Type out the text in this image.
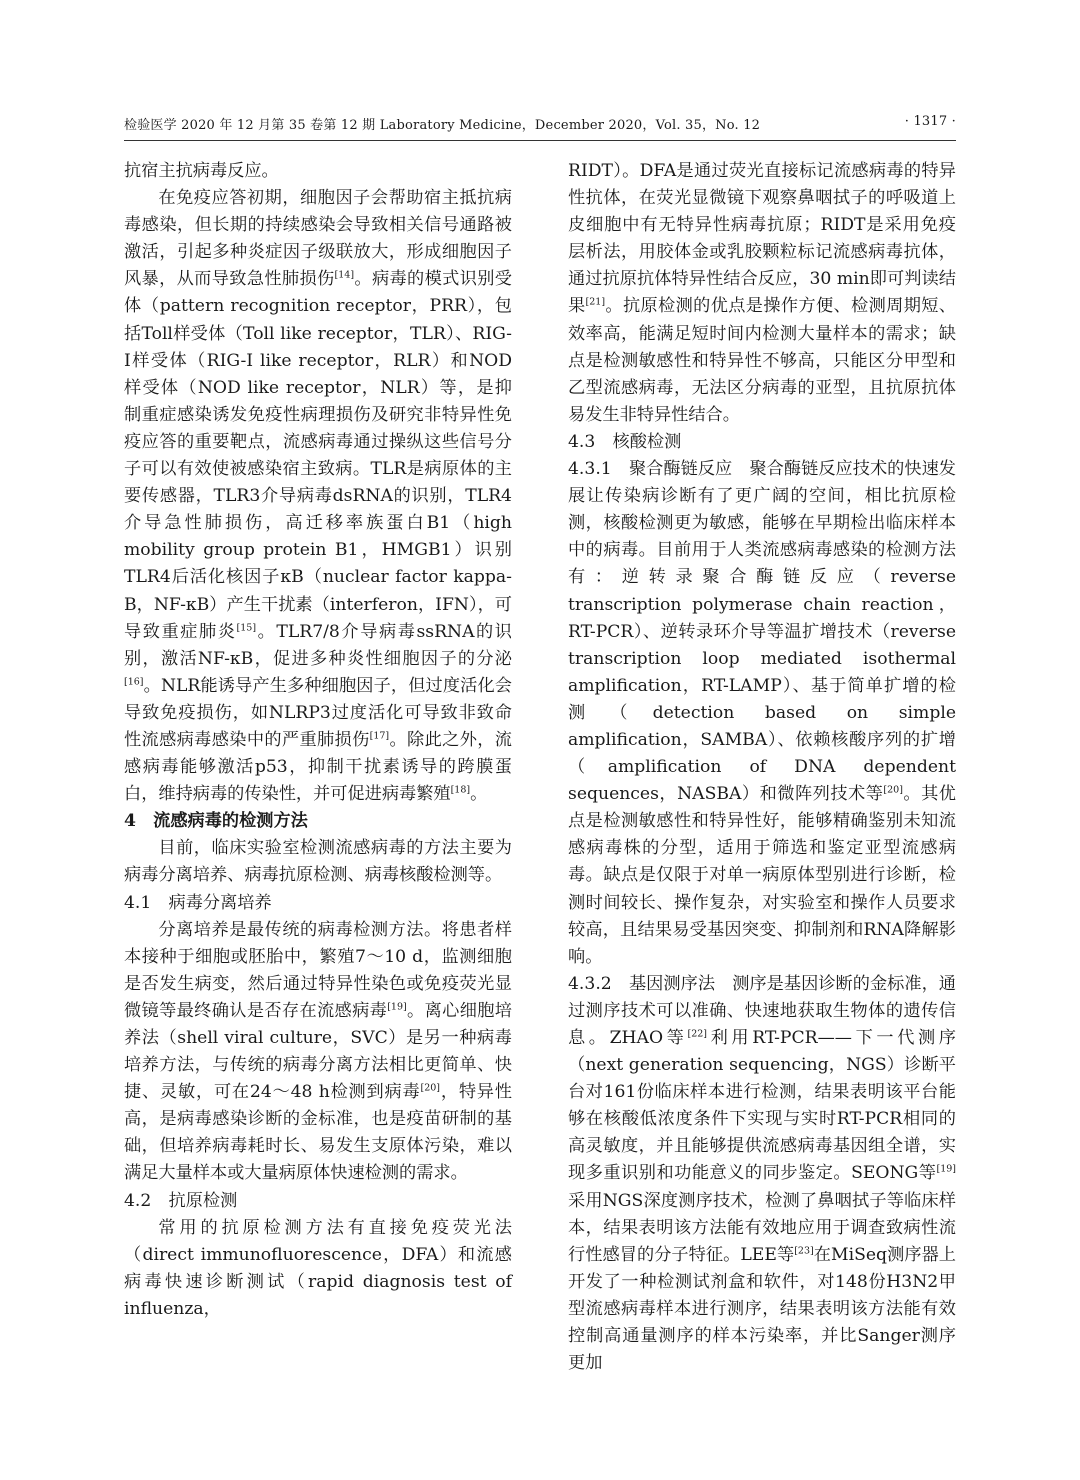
检验医学 2020 年 12 月第 35 卷第 12 期 Laboratory Medicine，December 2020，Vol. 35，No. 12	· 1317 ·

抗宿主抗病毒反应。

在免疫应答初期，细胞因子会帮助宿主抵抗病毒感染，但长期的持续感染会导致相关信号通路被激活，引起多种炎症因子级联放大，形成细胞因子风暴，从而导致急性肺损伤[14]。病毒的模式识别受体（pattern recognition receptor，PRR），包括Toll样受体（Toll like receptor，TLR）、RIG-I样受体（RIG-I like receptor，RLR）和NOD样受体（NOD like receptor，NLR）等，是抑制重症感染诱发免疫性病理损伤及研究非特异性免疫应答的重要靶点，流感病毒通过操纵这些信号分子可以有效使被感染宿主致病。TLR是病原体的主要传感器，TLR3介导病毒dsRNA的识别，TLR4介导急性肺损伤，高迁移率族蛋白B1（high mobility group protein B1，HMGB1）识别TLR4后活化核因子κB（nuclear factor kappa-B，NF-κB）产生干扰素（interferon，IFN），可导致重症肺炎[15]。TLR7/8介导病毒ssRNA的识别，激活NF-κB，促进多种炎性细胞因子的分泌[16]。NLR能诱导产生多种细胞因子，但过度活化会导致免疫损伤，如NLRP3过度活化可导致非致命性流感病毒感染中的严重肺损伤[17]。除此之外，流感病毒能够激活p53，抑制干扰素诱导的跨膜蛋白，维持病毒的传染性，并可促进病毒繁殖[18]。

4　流感病毒的检测方法

目前，临床实验室检测流感病毒的方法主要为病毒分离培养、病毒抗原检测、病毒核酸检测等。

4.1　病毒分离培养

分离培养是最传统的病毒检测方法。将患者样本接种于细胞或胚胎中，繁殖7～10 d，监测细胞是否发生病变，然后通过特异性染色或免疫荧光显微镜等最终确认是否存在流感病毒[19]。离心细胞培养法（shell viral culture，SVC）是另一种病毒培养方法，与传统的病毒分离方法相比更简单、快捷、灵敏，可在24～48 h检测到病毒[20]，特异性高，是病毒感染诊断的金标准，也是疫苗研制的基础，但培养病毒耗时长、易发生支原体污染，难以满足大量样本或大量病原体快速检测的需求。

4.2　抗原检测

常用的抗原检测方法有直接免疫荧光法（direct immunofluorescence，DFA）和流感病毒快速诊断测试（rapid diagnosis test of influenza，

RIDT）。DFA是通过荧光直接标记流感病毒的特异性抗体，在荧光显微镜下观察鼻咽拭子的呼吸道上皮细胞中有无特异性病毒抗原；RIDT是采用免疫层析法，用胶体金或乳胶颗粒标记流感病毒抗体，通过抗原抗体特异性结合反应，30 min即可判读结果[21]。抗原检测的优点是操作方便、检测周期短、效率高，能满足短时间内检测大量样本的需求；缺点是检测敏感性和特异性不够高，只能区分甲型和乙型流感病毒，无法区分病毒的亚型，且抗原抗体易发生非特异性结合。

4.3　核酸检测

4.3.1　聚合酶链反应　聚合酶链反应技术的快速发展让传染病诊断有了更广阔的空间，相比抗原检测，核酸检测更为敏感，能够在早期检出临床样本中的病毒。目前用于人类流感病毒感染的检测方法有：逆转录聚合酶链反应（reverse transcription polymerase chain reaction，RT-PCR）、逆转录环介导等温扩增技术（reverse transcription loop mediated isothermal amplification，RT-LAMP）、基于简单扩增的检测（detection based on simple amplification，SAMBA）、依赖核酸序列的扩增（amplification of DNA dependent sequences，NASBA）和微阵列技术等[20]。其优点是检测敏感性和特异性好，能够精确鉴别未知流感病毒株的分型，适用于筛选和鉴定亚型流感病毒。缺点是仅限于对单一病原体型别进行诊断，检测时间较长、操作复杂，对实验室和操作人员要求较高，且结果易受基因突变、抑制剂和RNA降解影响。

4.3.2　基因测序法　测序是基因诊断的金标准，通过测序技术可以准确、快速地获取生物体的遗传信息。ZHAO等[22]利用RT-PCR——下一代测序（next generation sequencing，NGS）诊断平台对161份临床样本进行检测，结果表明该平台能够在核酸低浓度条件下实现与实时RT-PCR相同的高灵敏度，并且能够提供流感病毒基因组全谱，实现多重识别和功能意义的同步鉴定。SEONG等[19]采用NGS深度测序技术，检测了鼻咽拭子等临床样本，结果表明该方法能有效地应用于调查致病性流行性感冒的分子特征。LEE等[23]在MiSeq测序器上开发了一种检测试剂盒和软件，对148份H3N2甲型流感病毒样本进行测序，结果表明该方法能有效控制高通量测序的样本污染率，并比Sanger测序更加
